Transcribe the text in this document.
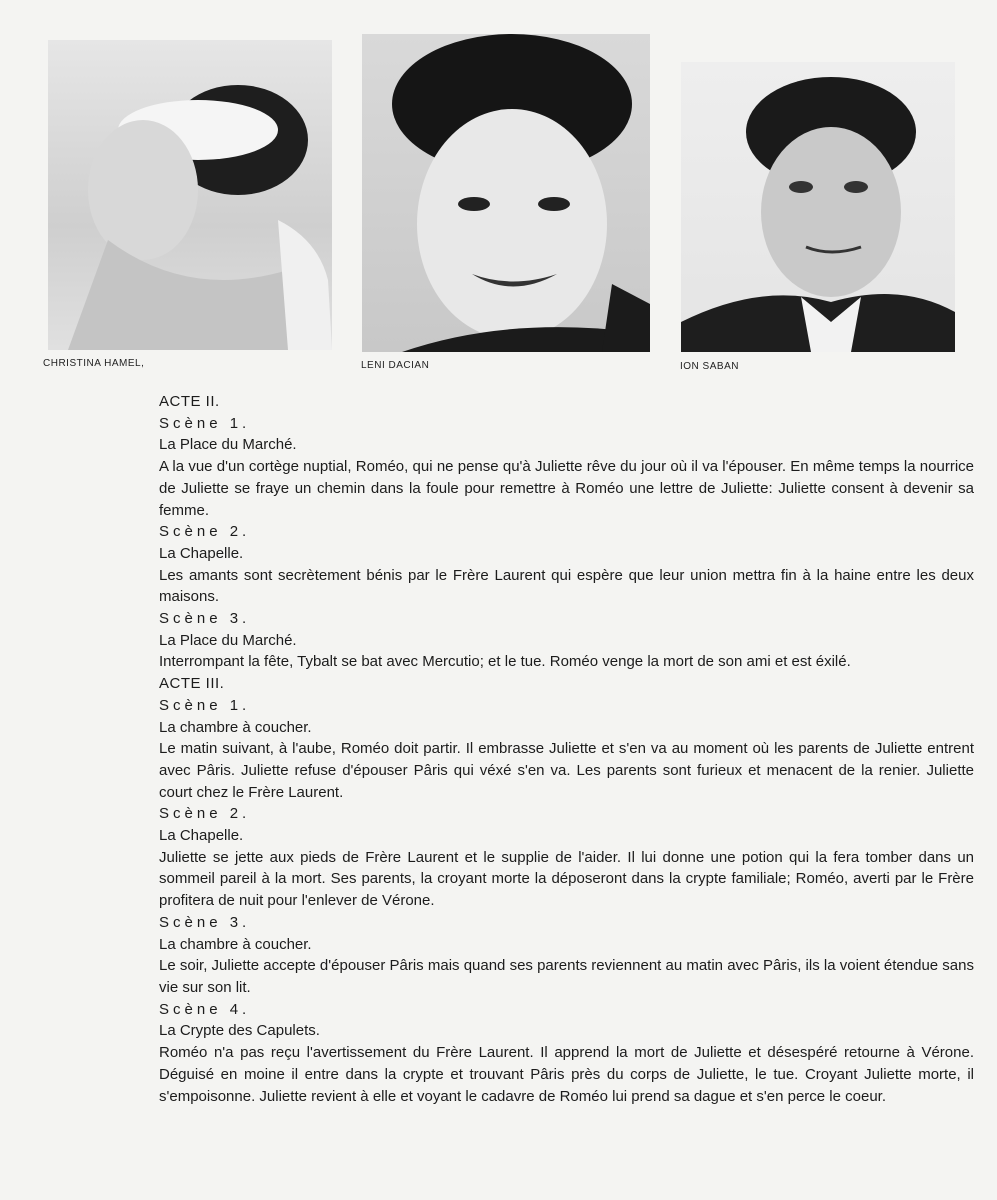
CHRISTINA HAMEL,	LENI DACIAN	ION SABAN
ACTE II.
Scène 1.
La Place du Marché.
A la vue d'un cortège nuptial, Roméo, qui ne pense qu'à Juliette rêve du jour où il va l'épouser. En même temps la nourrice de Juliette se fraye un chemin dans la foule pour remettre à Roméo une lettre de Juliette: Juliette consent à devenir sa femme.
Scène 2.
La Chapelle.
Les amants sont secrètement bénis par le Frère Laurent qui espère que leur union mettra fin à la haine entre les deux maisons.
Scène 3.
La Place du Marché.
Interrompant la fête, Tybalt se bat avec Mercutio; et le tue. Roméo venge la mort de son ami et est éxilé.
ACTE III.
Scène 1.
La chambre à coucher.
Le matin suivant, à l'aube, Roméo doit partir. Il embrasse Juliette et s'en va au moment où les parents de Juliette entrent avec Pâris. Juliette refuse d'épouser Pâris qui véxé s'en va. Les parents sont furieux et menacent de la renier. Juliette court chez le Frère Laurent.
Scène 2.
La Chapelle.
Juliette se jette aux pieds de Frère Laurent et le supplie de l'aider. Il lui donne une potion qui la fera tomber dans un sommeil pareil à la mort. Ses parents, la croyant morte la déposeront dans la crypte familiale; Roméo, averti par le Frère profitera de nuit pour l'enlever de Vérone.
Scène 3.
La chambre à coucher.
Le soir, Juliette accepte d'épouser Pâris mais quand ses parents reviennent au matin avec Pâris, ils la voient étendue sans vie sur son lit.
Scène 4.
La Crypte des Capulets.
Roméo n'a pas reçu l'avertissement du Frère Laurent. Il apprend la mort de Juliette et désespéré retourne à Vérone. Déguisé en moine il entre dans la crypte et trouvant Pâris près du corps de Juliette, le tue. Croyant Juliette morte, il s'empoisonne. Juliette revient à elle et voyant le cadavre de Roméo lui prend sa dague et s'en perce le coeur.
